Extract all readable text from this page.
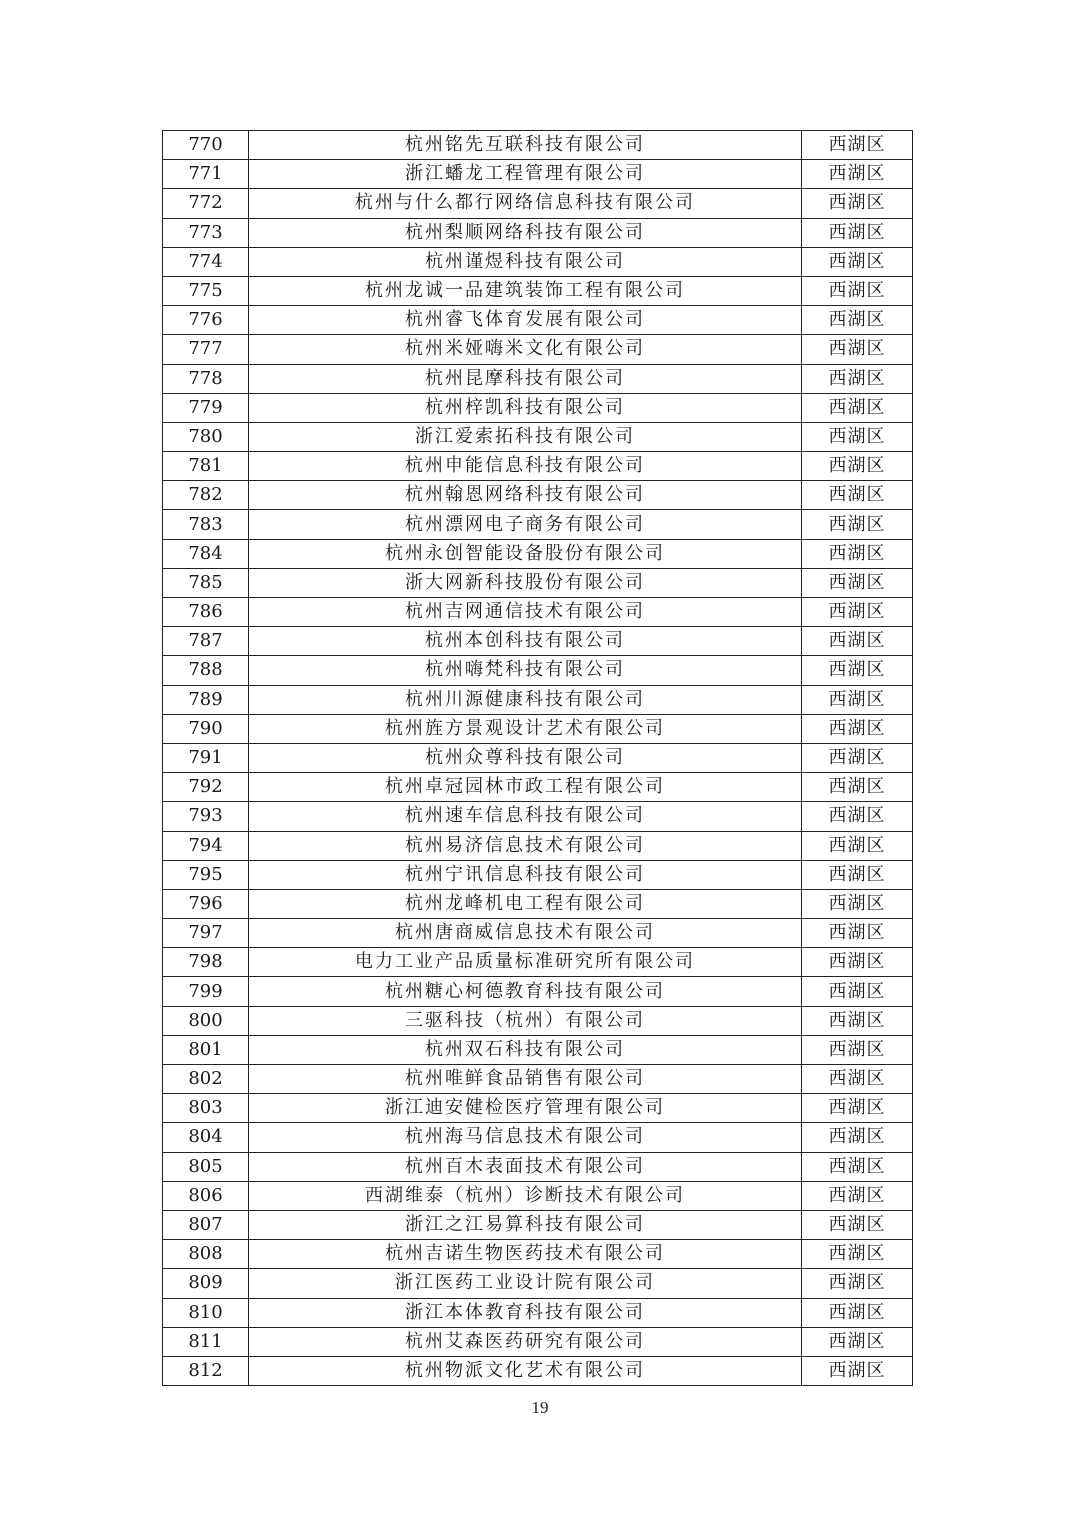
770	杭州铭先互联科技有限公司	西湖区
771	浙江蟠龙工程管理有限公司	西湖区
772	杭州与什么都行网络信息科技有限公司	西湖区
773	杭州梨顺网络科技有限公司	西湖区
774	杭州谨煜科技有限公司	西湖区
775	杭州龙诚一品建筑装饰工程有限公司	西湖区
776	杭州睿飞体育发展有限公司	西湖区
777	杭州米娅嗨米文化有限公司	西湖区
778	杭州昆摩科技有限公司	西湖区
779	杭州梓凯科技有限公司	西湖区
780	浙江爱索拓科技有限公司	西湖区
781	杭州申能信息科技有限公司	西湖区
782	杭州翰恩网络科技有限公司	西湖区
783	杭州漂网电子商务有限公司	西湖区
784	杭州永创智能设备股份有限公司	西湖区
785	浙大网新科技股份有限公司	西湖区
786	杭州吉网通信技术有限公司	西湖区
787	杭州本创科技有限公司	西湖区
788	杭州嗨梵科技有限公司	西湖区
789	杭州川源健康科技有限公司	西湖区
790	杭州旌方景观设计艺术有限公司	西湖区
791	杭州众尊科技有限公司	西湖区
792	杭州卓冠园林市政工程有限公司	西湖区
793	杭州速车信息科技有限公司	西湖区
794	杭州易济信息技术有限公司	西湖区
795	杭州宁讯信息科技有限公司	西湖区
796	杭州龙峰机电工程有限公司	西湖区
797	杭州唐商威信息技术有限公司	西湖区
798	电力工业产品质量标准研究所有限公司	西湖区
799	杭州糖心柯德教育科技有限公司	西湖区
800	三驱科技（杭州）有限公司	西湖区
801	杭州双石科技有限公司	西湖区
802	杭州唯鲜食品销售有限公司	西湖区
803	浙江迪安健检医疗管理有限公司	西湖区
804	杭州海马信息技术有限公司	西湖区
805	杭州百木表面技术有限公司	西湖区
806	西湖维泰（杭州）诊断技术有限公司	西湖区
807	浙江之江易算科技有限公司	西湖区
808	杭州吉诺生物医药技术有限公司	西湖区
809	浙江医药工业设计院有限公司	西湖区
810	浙江本体教育科技有限公司	西湖区
811	杭州艾森医药研究有限公司	西湖区
812	杭州物派文化艺术有限公司	西湖区
19
